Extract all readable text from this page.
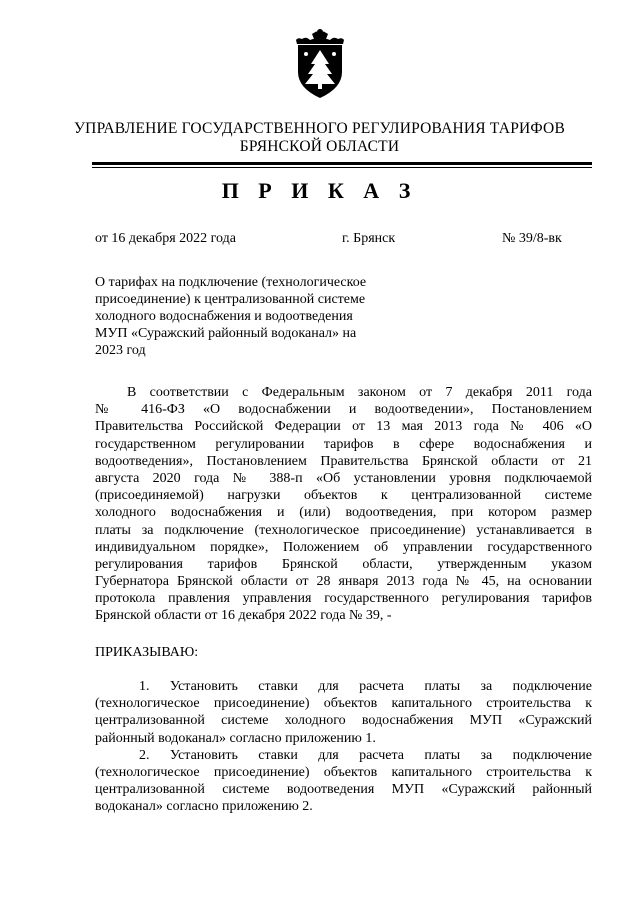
УПРАВЛЕНИЕ ГОСУДАРСТВЕННОГО РЕГУЛИРОВАНИЯ ТАРИФОВ
БРЯНСКОЙ ОБЛАСТИ
П Р И К А З
от 16 декабря 2022 года	г. Брянск	№ 39/8-вк
О тарифах на подключение (технологическое
присоединение) к централизованной системе
холодного водоснабжения и водоотведения
МУП «Суражский районный водоканал» на
2023 год
В соответствии с Федеральным законом от 7 декабря 2011 года
№ 416-ФЗ «О водоснабжении и водоотведении», Постановлением
Правительства Российской Федерации от 13 мая 2013 года № 406 «О
государственном регулировании тарифов в сфере водоснабжения и
водоотведения», Постановлением Правительства Брянской области от 21
августа 2020 года № 388-п «Об установлении уровня подключаемой
(присоединяемой) нагрузки объектов к централизованной системе
холодного водоснабжения и (или) водоотведения, при котором размер
платы за подключение (технологическое присоединение) устанавливается в
индивидуальном порядке», Положением об управлении государственного
регулирования тарифов Брянской области, утвержденным указом
Губернатора Брянской области от 28 января 2013 года № 45, на основании
протокола правления управления государственного регулирования тарифов
Брянской области от 16 декабря 2022 года № 39, -
ПРИКАЗЫВАЮ:
1. Установить ставки для расчета платы за подключение
(технологическое присоединение) объектов капитального строительства к
централизованной системе холодного водоснабжения МУП «Суражский
районный водоканал» согласно приложению 1.
2. Установить ставки для расчета платы за подключение
(технологическое присоединение) объектов капитального строительства к
централизованной системе водоотведения МУП «Суражский районный
водоканал» согласно приложению 2.
